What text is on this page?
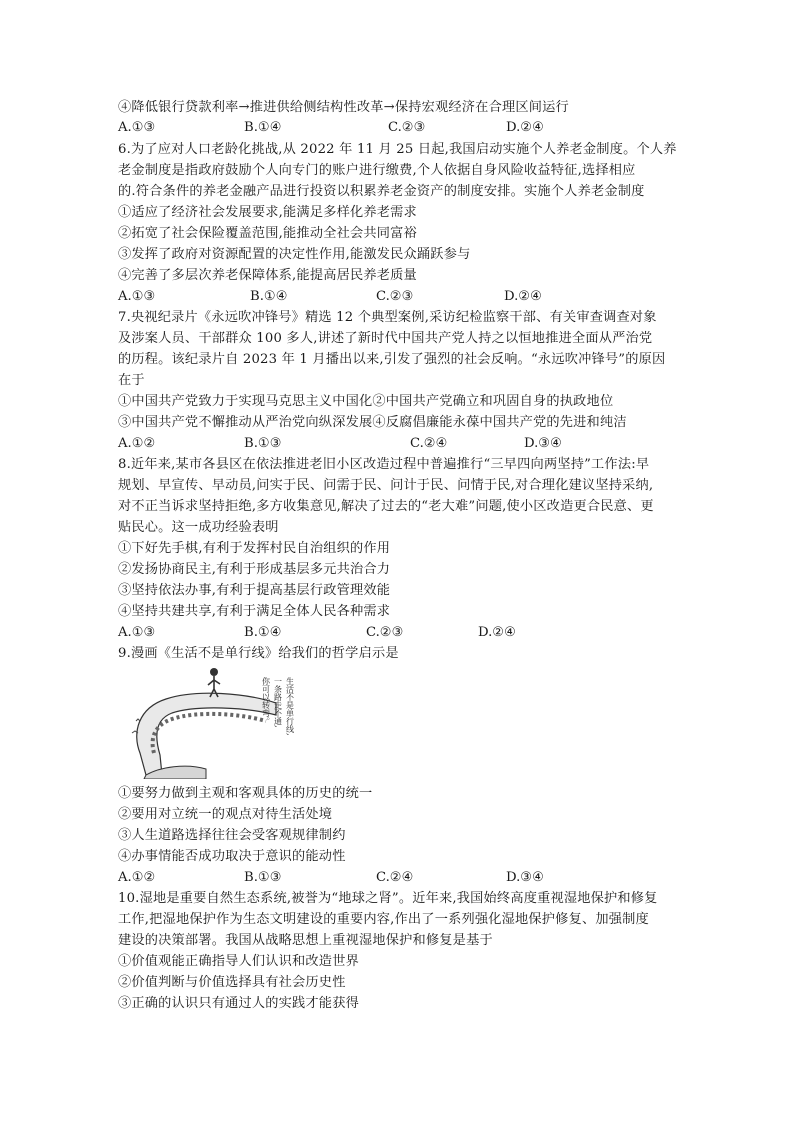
④降低银行贷款利率→推进供给侧结构性改革→保持宏观经济在合理区间运行
A.①③	B.①④	C.②③	D.②④
6.为了应对人口老龄化挑战,从 2022 年 11 月 25 日起,我国启动实施个人养老金制度。个人养
老金制度是指政府鼓励个人向专门的账户进行缴费,个人依据自身风险收益特征,选择相应
的.符合条件的养老金融产品进行投资以积累养老金资产的制度安排。实施个人养老金制度
①适应了经济社会发展要求,能满足多样化养老需求
②拓宽了社会保险覆盖范围,能推动全社会共同富裕
③发挥了政府对资源配置的决定性作用,能激发民众踊跃参与
④完善了多层次养老保障体系,能提高居民养老质量
A.①③	B.①④	C.②③	D.②④
7.央视纪录片《永远吹冲锋号》精选 12 个典型案例,采访纪检监察干部、有关审查调查对象
及涉案人员、干部群众 100 多人,讲述了新时代中国共产党人持之以恒地推进全面从严治党
的历程。该纪录片自 2023 年 1 月播出以来,引发了强烈的社会反响。“永远吹冲锋号”的原因
在于
①中国共产党致力于实现马克思主义中国化②中国共产党确立和巩固自身的执政地位
③中国共产党不懈推动从严治党向纵深发展④反腐倡廉能永葆中国共产党的先进和纯洁
A.①②	B.①③	C.②④	D.③④
8.近年来,某市各县区在依法推进老旧小区改造过程中普遍推行“三早四向两坚持”工作法:早
规划、早宣传、早动员,问实于民、问需于民、问计于民、问情于民,对合理化建议坚持采纳,
对不正当诉求坚持拒绝,多方收集意见,解决了过去的“老大难”问题,使小区改造更合民意、更
贴民心。这一成功经验表明
①下好先手棋,有利于发挥村民自治组织的作用
②发扬协商民主,有利于形成基层多元共治合力
③坚持依法办事,有利于提高基层行政管理效能
④坚持共建共享,有利于满足全体人民各种需求
A.①③	B.①④	C.②③	D.②④
9.漫画《生活不是单行线》给我们的哲学启示是
生活不是单行线,
一条路走不通,
你可以转弯。
①要努力做到主观和客观具体的历史的统一
②要用对立统一的观点对待生活处境
③人生道路选择往往会受客观规律制约
④办事情能否成功取决于意识的能动性
A.①②	B.①③	C.②④	D.③④
10.湿地是重要自然生态系统,被誉为“地球之肾”。近年来,我国始终高度重视湿地保护和修复
工作,把湿地保护作为生态文明建设的重要内容,作出了一系列强化湿地保护修复、加强制度
建设的决策部署。我国从战略思想上重视湿地保护和修复是基于
①价值观能正确指导人们认识和改造世界
②价值判断与价值选择具有社会历史性
③正确的认识只有通过人的实践才能获得
